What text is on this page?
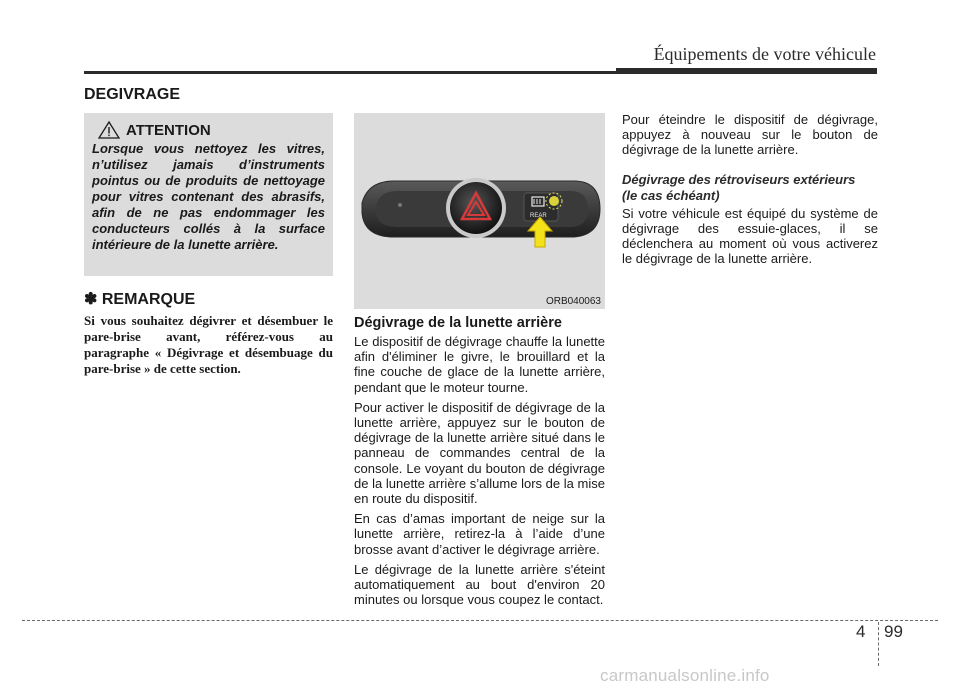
Équipements de votre véhicule
DEGIVRAGE
ATTENTION
Lorsque vous nettoyez les vitres, n’utilisez jamais d’instruments pointus ou de produits de nettoyage pour vitres contenant des abrasifs, afin de ne pas endommager les conducteurs collés à la surface intérieure de la lunette arrière.
✽ REMARQUE
Si vous souhaitez dégivrer et désembuer le pare-brise avant, référez-vous au paragraphe « Dégivrage et désembuage du pare-brise » de cette section.
REAR
ORB040063
Dégivrage de la lunette arrière

Le dispositif de dégivrage chauffe la lunette afin d'éliminer le givre, le brouillard et la fine couche de glace de la lunette arrière, pendant que le moteur tourne.

Pour activer le dispositif de dégivrage de la lunette arrière, appuyez sur le bouton de dégivrage de la lunette arrière situé dans le panneau de commandes central de la console. Le voyant du bouton de dégivrage de la lunette arrière s’allume lors de la mise en route du dispositif.

En cas d’amas important de neige sur la lunette arrière, retirez-la à l’aide d’une brosse avant d’activer le dégivrage arrière.

Le dégivrage de la lunette arrière s'éteint automatiquement au bout d'environ 20 minutes ou lorsque vous coupez le contact.

Pour éteindre le dispositif de dégivrage, appuyez à nouveau sur le bouton de dégivrage de la lunette arrière.

Dégivrage des rétroviseurs extérieurs
(le cas échéant)

Si votre véhicule est équipé du système de dégivrage des essuie-glaces, il se déclenchera au moment où vous activerez le dégivrage de la lunette arrière.

4 99
carmanualsonline.info
